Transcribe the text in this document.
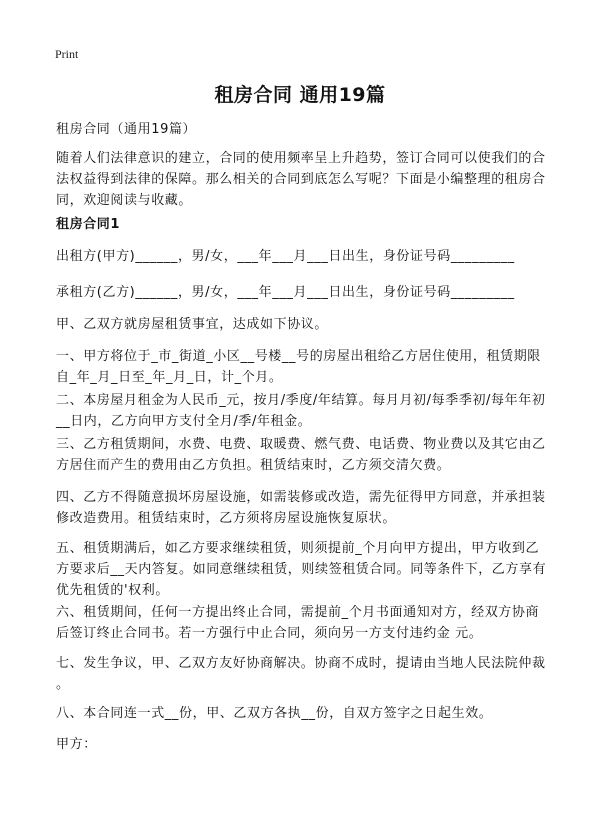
Print
租房合同 通用19篇

租房合同（通用19篇）

随着人们法律意识的建立，合同的使用频率呈上升趋势，签订合同可以使我们的合

法权益得到法律的保障。那么相关的合同到底怎么写呢？下面是小编整理的租房合

同，欢迎阅读与收藏。

租房合同1

出租方(甲方)______，男/女，___年___月___日出生，身份证号码_________

承租方(乙方)______，男/女，___年___月___日出生，身份证号码_________

甲、乙双方就房屋租赁事宜，达成如下协议。

一、甲方将位于_市_街道_小区__号楼__号的房屋出租给乙方居住使用，租赁期限

自_年_月_日至_年_月_日，计_个月。

二、本房屋月租金为人民币_元，按月/季度/年结算。每月月初/每季季初/每年年初

__日内，乙方向甲方支付全月/季/年租金。

三、乙方租赁期间，水费、电费、取暖费、燃气费、电话费、物业费以及其它由乙

方居住而产生的费用由乙方负担。租赁结束时，乙方须交清欠费。

四、乙方不得随意损坏房屋设施，如需装修或改造，需先征得甲方同意，并承担装

修改造费用。租赁结束时，乙方须将房屋设施恢复原状。

五、租赁期满后，如乙方要求继续租赁，则须提前_个月向甲方提出，甲方收到乙

方要求后__天内答复。如同意继续租赁，则续签租赁合同。同等条件下，乙方享有

优先租赁的'权利。

六、租赁期间，任何一方提出终止合同，需提前_个月书面通知对方，经双方协商

后签订终止合同书。若一方强行中止合同，须向另一方支付违约金 元。

七、发生争议，甲、乙双方友好协商解决。协商不成时，提请由当地人民法院仲裁

。

八、本合同连一式__份，甲、乙双方各执__份，自双方签字之日起生效。

甲方：
